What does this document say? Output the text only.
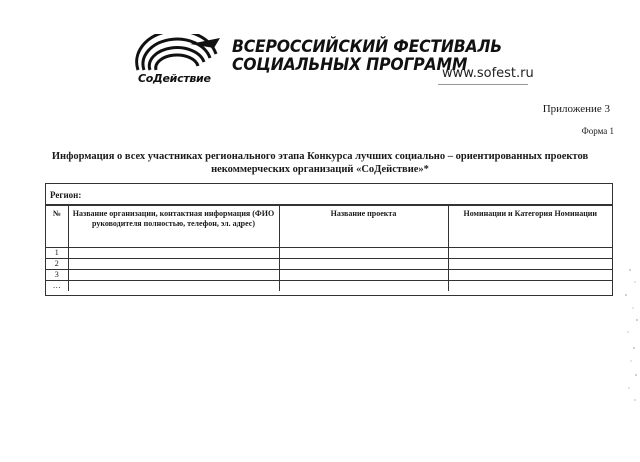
СоДействие
ВСЕРОССИЙСКИЙ ФЕСТИВАЛЬ
СОЦИАЛЬНЫХ ПРОГРАММ
www.sofest.ru
Приложение 3
Форма 1
Информация о всех участниках регионального этапа Конкурса лучших социально – ориентированных проектов
некоммерческих организаций «СоДействие»*
Регион:
№	Название организации, контактная информация (ФИО руководителя полностью, телефон, эл. адрес)	Название проекта	Номинации и Категория Номинации
1			
2			
3			
…			
